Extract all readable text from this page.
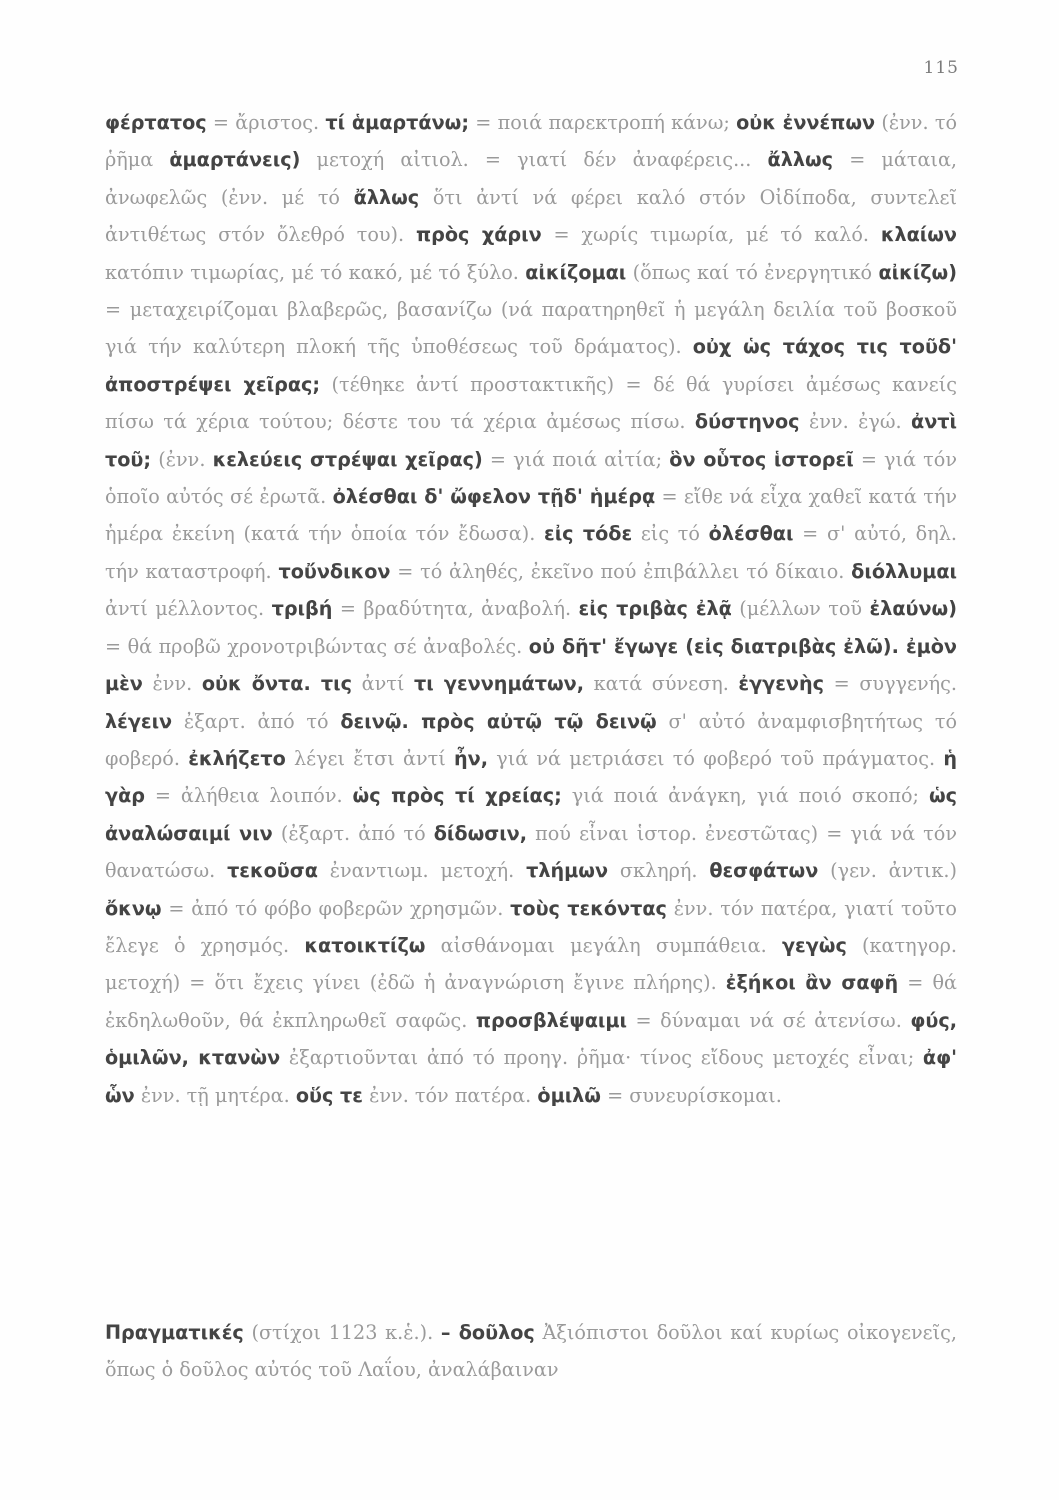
115
φέρτατος = ἄριστος. τί ἁμαρτάνω; = ποιά παρεκτροπή κάνω; οὐκ ἐννέπων (ἐνν. τό ῥῆμα ἁμαρτάνεις) μετοχή αἰτιολ. = γιατί δέν ἀναφέρεις... ἄλλως = μάταια, ἀνωφελῶς (ἐνν. μέ τό ἄλλως ὅτι ἀντί νά φέρει καλό στόν Οἰδίποδα, συντελεῖ ἀντιθέτως στόν ὄλεθρό του). πρὸς χάριν = χωρίς τιμωρία, μέ τό καλό. κλαίων κατόπιν τιμωρίας, μέ τό κακό, μέ τό ξύλο. αἰκίζομαι (ὅπως καί τό ἐνεργητικό αἰκίζω) = μεταχειρίζομαι βλαβερῶς, βασανίζω (νά παρατηρηθεῖ ἡ μεγάλη δειλία τοῦ βοσκοῦ γιά τήν καλύτερη πλοκή τῆς ὑποθέσεως τοῦ δράματος). οὐχ ὡς τάχος τις τοῦδ' ἀποστρέψει χεῖρας; (τέθηκε ἀντί προστακτικῆς) = δέ θά γυρίσει ἀμέσως κανείς πίσω τά χέρια τούτου; δέστε του τά χέρια ἀμέσως πίσω. δύστηνος ἐνν. ἐγώ. ἀντὶ τοῦ; (ἐνν. κελεύεις στρέψαι χεῖρας) = γιά ποιά αἰτία; ὃν οὗτος ἱστορεῖ = γιά τόν ὁποῖο αὐτός σέ ἐρωτᾶ. ὀλέσθαι δ' ὤφελον τῇδ' ἡμέρᾳ = εἴθε νά εἶχα χαθεῖ κατά τήν ἡμέρα ἐκείνη (κατά τήν ὁποία τόν ἔδωσα). εἰς τόδε εἰς τό ὀλέσθαι = σ' αὐτό, δηλ. τήν καταστροφή. τοὔνδικον = τό ἀληθές, ἐκεῖνο πού ἐπιβάλλει τό δίκαιο. διόλλυμαι ἀντί μέλλοντος. τριβή = βραδύτητα, ἀναβολή. εἰς τριβὰς ἐλᾷ (μέλλων τοῦ ἐλαύνω) = θά προβῶ χρονοτριβώντας σέ ἀναβολές. οὐ δῆτ' ἔγωγε (εἰς διατριβὰς ἐλῶ). ἐμὸν μὲν ἐνν. οὐκ ὄντα. τις ἀντί τι γεννημάτων, κατά σύνεση. ἐγγενὴς = συγγενής. λέγειν ἐξαρτ. ἀπό τό δεινῷ. πρὸς αὐτῷ τῷ δεινῷ σ' αὐτό ἀναμφισβητήτως τό φοβερό. ἐκλήζετο λέγει ἔτσι ἀντί ἦν, γιά νά μετριάσει τό φοβερό τοῦ πράγματος. ἡ γὰρ = ἀλήθεια λοιπόν. ὡς πρὸς τί χρείας; γιά ποιά ἀνάγκη, γιά ποιό σκοπό; ὡς ἀναλώσαιμί νιν (ἐξαρτ. ἀπό τό δίδωσιν, πού εἶναι ἱστορ. ἐνεστῶτας) = γιά νά τόν θανατώσω. τεκοῦσα ἐναντιωμ. μετοχή. τλήμων σκληρή. θεσφάτων (γεν. ἀντικ.) ὄκνῳ = ἀπό τό φόβο φοβερῶν χρησμῶν. τοὺς τεκόντας ἐνν. τόν πατέρα, γιατί τοῦτο ἔλεγε ὁ χρησμός. κατοικτίζω αἰσθάνομαι μεγάλη συμπάθεια. γεγὼς (κατηγορ. μετοχή) = ὅτι ἔχεις γίνει (ἐδῶ ἡ ἀναγνώριση ἔγινε πλήρης). ἐξήκοι ἂν σαφῆ = θά ἐκδηλωθοῦν, θά ἐκπληρωθεῖ σαφῶς. προσβλέψαιμι = δύναμαι νά σέ ἀτενίσω. φύς, ὁμιλῶν, κτανὼν ἐξαρτιοῦνται ἀπό τό προηγ. ῥῆμα· τίνος εἴδους μετοχές εἶναι; ἀφ' ὧν ἐνν. τῇ μητέρα. οὕς τε ἐνν. τόν πατέρα. ὁμιλῶ = συνευρίσκομαι.
Πραγματικές (στίχοι 1123 κ.ἑ.). – δοῦλος Ἀξιόπιστοι δοῦλοι καί κυρίως οἰκογενεῖς, ὅπως ὁ δοῦλος αὐτός τοῦ Λαΐου, ἀναλάβαιναν
